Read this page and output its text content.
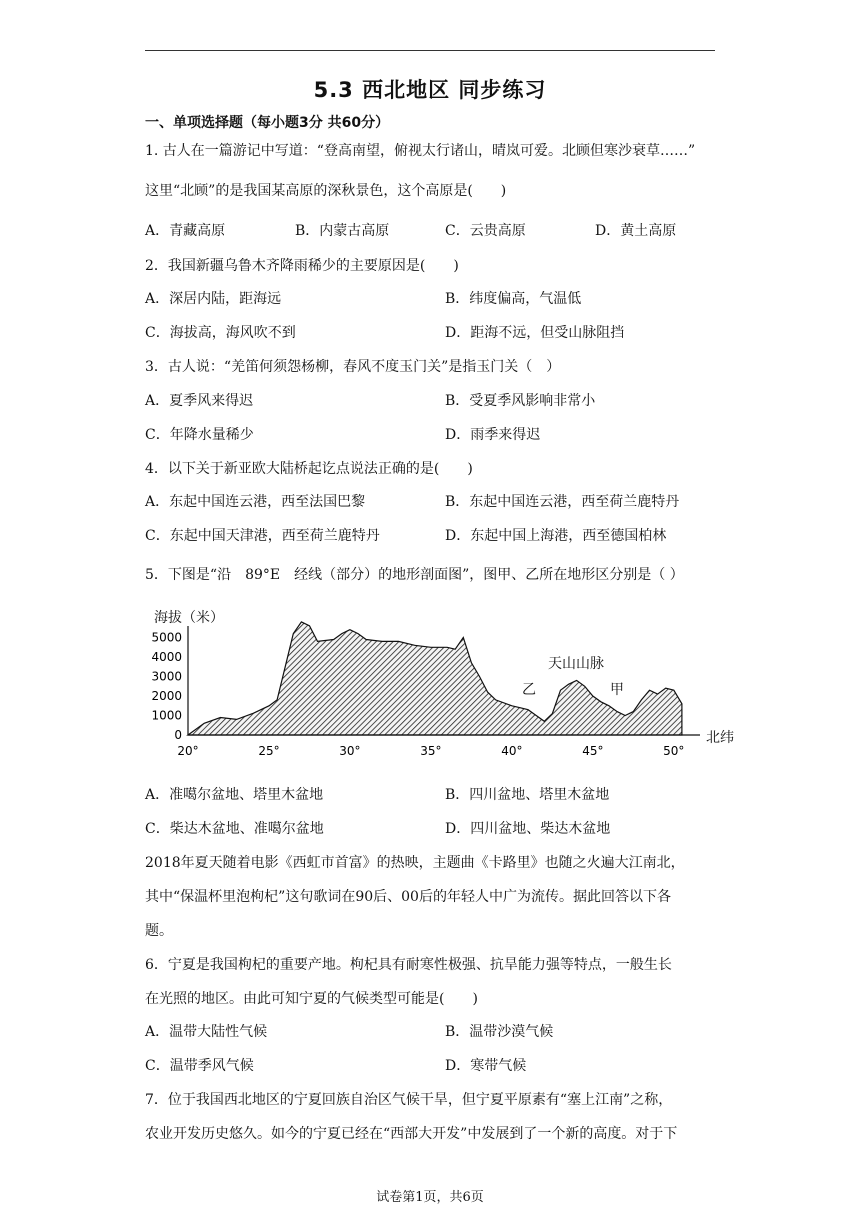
5.3 西北地区 同步练习
一、单项选择题（每小题3分 共60分）
1. 古人在一篇游记中写道：“登高南望，俯视太行诸山，晴岚可爱。北顾但寒沙衰草……”
这里“北顾”的是我国某高原的深秋景色，这个高原是(　　)
A．青藏高原	B．内蒙古高原	C．云贵高原	D．黄土高原
2．我国新疆乌鲁木齐降雨稀少的主要原因是(　　)
A．深居内陆，距海远	B．纬度偏高，气温低
C．海拔高，海风吹不到	D．距海不远，但受山脉阻挡
3．古人说：“羌笛何须怨杨柳，春风不度玉门关”是指玉门关（　）
A．夏季风来得迟	B．受夏季风影响非常小
C．年降水量稀少	D．雨季来得迟
4．以下关于新亚欧大陆桥起讫点说法正确的是(　　)
A．东起中国连云港，西至法国巴黎	B．东起中国连云港，西至荷兰鹿特丹
C．东起中国天津港，西至荷兰鹿特丹	D．东起中国上海港，西至德国柏林
5．下图是“沿　89°E　经线（部分）的地形剖面图”，图甲、乙所在地形区分别是（ ）
海拔（米）
北纬
5000
4000
3000
2000
1000
0
20°	25°	30°	35°	40°	45°	50°
天山山脉
乙	甲
A．准噶尔盆地、塔里木盆地	B．四川盆地、塔里木盆地
C．柴达木盆地、准噶尔盆地	D．四川盆地、柴达木盆地
2018年夏天随着电影《西虹市首富》的热映，主题曲《卡路里》也随之火遍大江南北，
其中“保温杯里泡枸杞”这句歌词在90后、00后的年轻人中广为流传。据此回答以下各
题。
6．宁夏是我国枸杞的重要产地。枸杞具有耐寒性极强、抗旱能力强等特点，一般生长
在光照的地区。由此可知宁夏的气候类型可能是(　　)
A．温带大陆性气候	B．温带沙漠气候
C．温带季风气候	D．寒带气候
7．位于我国西北地区的宁夏回族自治区气候干旱，但宁夏平原素有“塞上江南”之称，
农业开发历史悠久。如今的宁夏已经在“西部大开发”中发展到了一个新的高度。对于下
试卷第1页，共6页
